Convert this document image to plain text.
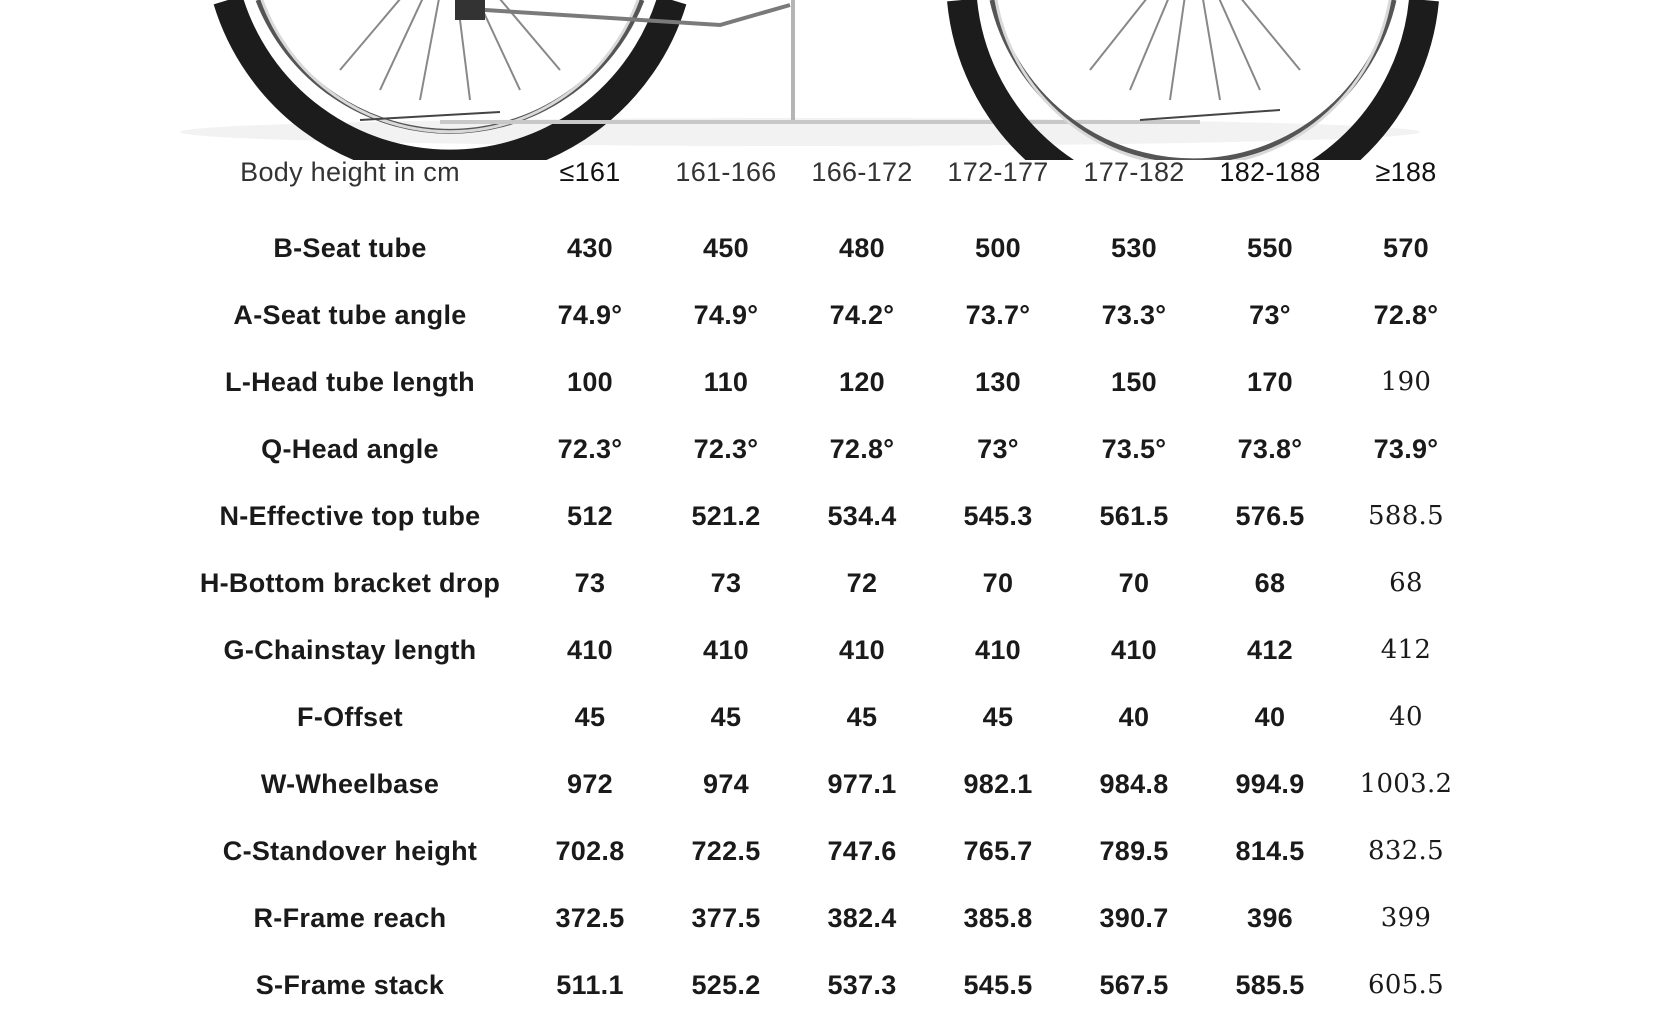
Body height in cm	≤161	161-166	166-172	172-177	177-182	182-188	≥188
B-Seat tube	430	450	480	500	530	550	570
A-Seat tube angle	74.9°	74.9°	74.2°	73.7°	73.3°	73°	72.8°
L-Head tube length	100	110	120	130	150	170	190
Q-Head angle	72.3°	72.3°	72.8°	73°	73.5°	73.8°	73.9°
N-Effective top tube	512	521.2	534.4	545.3	561.5	576.5	588.5
H-Bottom bracket drop	73	73	72	70	70	68	68
G-Chainstay length	410	410	410	410	410	412	412
F-Offset	45	45	45	45	40	40	40
W-Wheelbase	972	974	977.1	982.1	984.8	994.9	1003.2
C-Standover height	702.8	722.5	747.6	765.7	789.5	814.5	832.5
R-Frame reach	372.5	377.5	382.4	385.8	390.7	396	399
S-Frame stack	511.1	525.2	537.3	545.5	567.5	585.5	605.5
